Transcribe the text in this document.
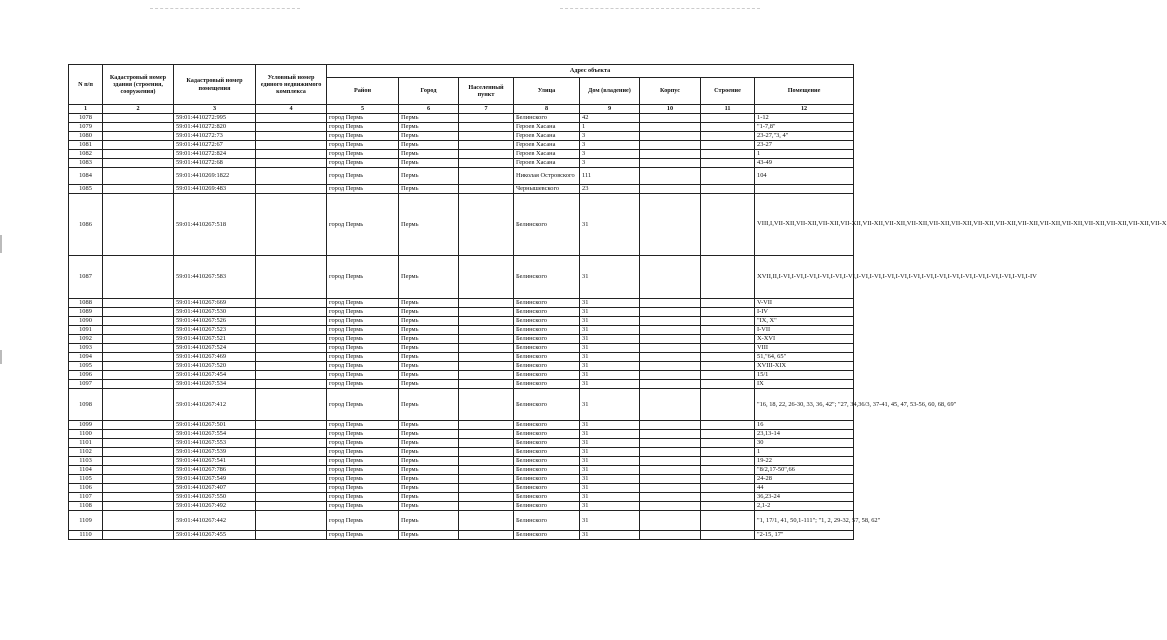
N п/п	Кадастровый номер здания (строения, сооружения)	Кадастровый номер помещения	Условный номер единого недвижимого комплекса	Адрес объекта							
				Район	Город	Населенный пункт	Улица	Дом (владение)	Корпус	Строение	Помещение
1	2	3	4	5	6	7	8	9	10	11	12
1078		59:01:4410272:995		город Пермь	Пермь		Белинского	42			1-12
1079		59:01:4410272:820		город Пермь	Пермь		Героев Хасана	1			"1-7,8"
1080		59:01:4410272:73		город Пермь	Пермь		Героев Хасана	3			23-27,"3, 4"
1081		59:01:4410272:67		город Пермь	Пермь		Героев Хасана	3			23-27
1082		59:01:4410272:824		город Пермь	Пермь		Героев Хасана	3			1
1083		59:01:4410272:68		город Пермь	Пермь		Героев Хасана	3			43-49
1084		59:01:4410269:1822		город Пермь	Пермь		Николая Островского	111			104
1085		59:01:4410269:483		город Пермь	Пермь		Чернышевского	23			
1086		59:01:4410267:518		город Пермь	Пермь		Белинского	31			VIII,I,VII-XII,VII-XII,VII-XII,VII-XII,VII-XII,VII-XII,VII-XII,VII-XII,VII-XII,VII-XII,VII-XII,VII-XII,VII-XII,VII-XII,VII-XII,VII-XII,VII-XII,VII-X
1087		59:01:4410267:583		город Пермь	Пермь		Белинского	31			XVII,II,I-VI,I-VI,I-VI,I-VI,I-VI,I-VI,I-VI,I-VI,I-VI,I-VI,I-VI,I-VI,I-VI,I-VI,I-VI,I-VI,I-VI,I-VI,I-VI,I-IV
1088		59:01:4410267:669		город Пермь	Пермь		Белинского	31			V-VII
1089		59:01:4410267:530		город Пермь	Пермь		Белинского	31			I-IV
1090		59:01:4410267:526		город Пермь	Пермь		Белинского	31			"IX, X"
1091		59:01:4410267:523		город Пермь	Пермь		Белинского	31			I-VII
1092		59:01:4410267:521		город Пермь	Пермь		Белинского	31			X-XVI
1093		59:01:4410267:524		город Пермь	Пермь		Белинского	31			VIII
1094		59:01:4410267:469		город Пермь	Пермь		Белинского	31			51,"64, 65"
1095		59:01:4410267:520		город Пермь	Пермь		Белинского	31			XVIII-XIX
1096		59:01:4410267:454		город Пермь	Пермь		Белинского	31			15/1
1097		59:01:4410267:534		город Пермь	Пермь		Белинского	31			IX
1098		59:01:4410267:412		город Пермь	Пермь		Белинского	31			"16, 18, 22, 26-30, 33, 36, 42"; "27, 34,36/3, 37-41, 45, 47, 53-56, 60, 68, 69"
1099		59:01:4410267:501		город Пермь	Пермь		Белинского	31			16
1100		59:01:4410267:554		город Пермь	Пермь		Белинского	31			23,13-14
1101		59:01:4410267:553		город Пермь	Пермь		Белинского	31			30
1102		59:01:4410267:539		город Пермь	Пермь		Белинского	31			1
1103		59:01:4410267:541		город Пермь	Пермь		Белинского	31			19-22
1104		59:01:4410267:786		город Пермь	Пермь		Белинского	31			"8/2,17-50",66
1105		59:01:4410267:549		город Пермь	Пермь		Белинского	31			24-28
1106		59:01:4410267:407		город Пермь	Пермь		Белинского	31			44
1107		59:01:4410267:550		город Пермь	Пермь		Белинского	31			36,23-24
1108		59:01:4410267:492		город Пермь	Пермь		Белинского	31			2,1-2
1109		59:01:4410267:442		город Пермь	Пермь		Белинского	31			"1, 17/1, 41, 50,1-111"; "1, 2, 29-32, 57, 58, 62"
1110		59:01:4410267:455		город Пермь	Пермь		Белинского	31			"2-15, 17"
